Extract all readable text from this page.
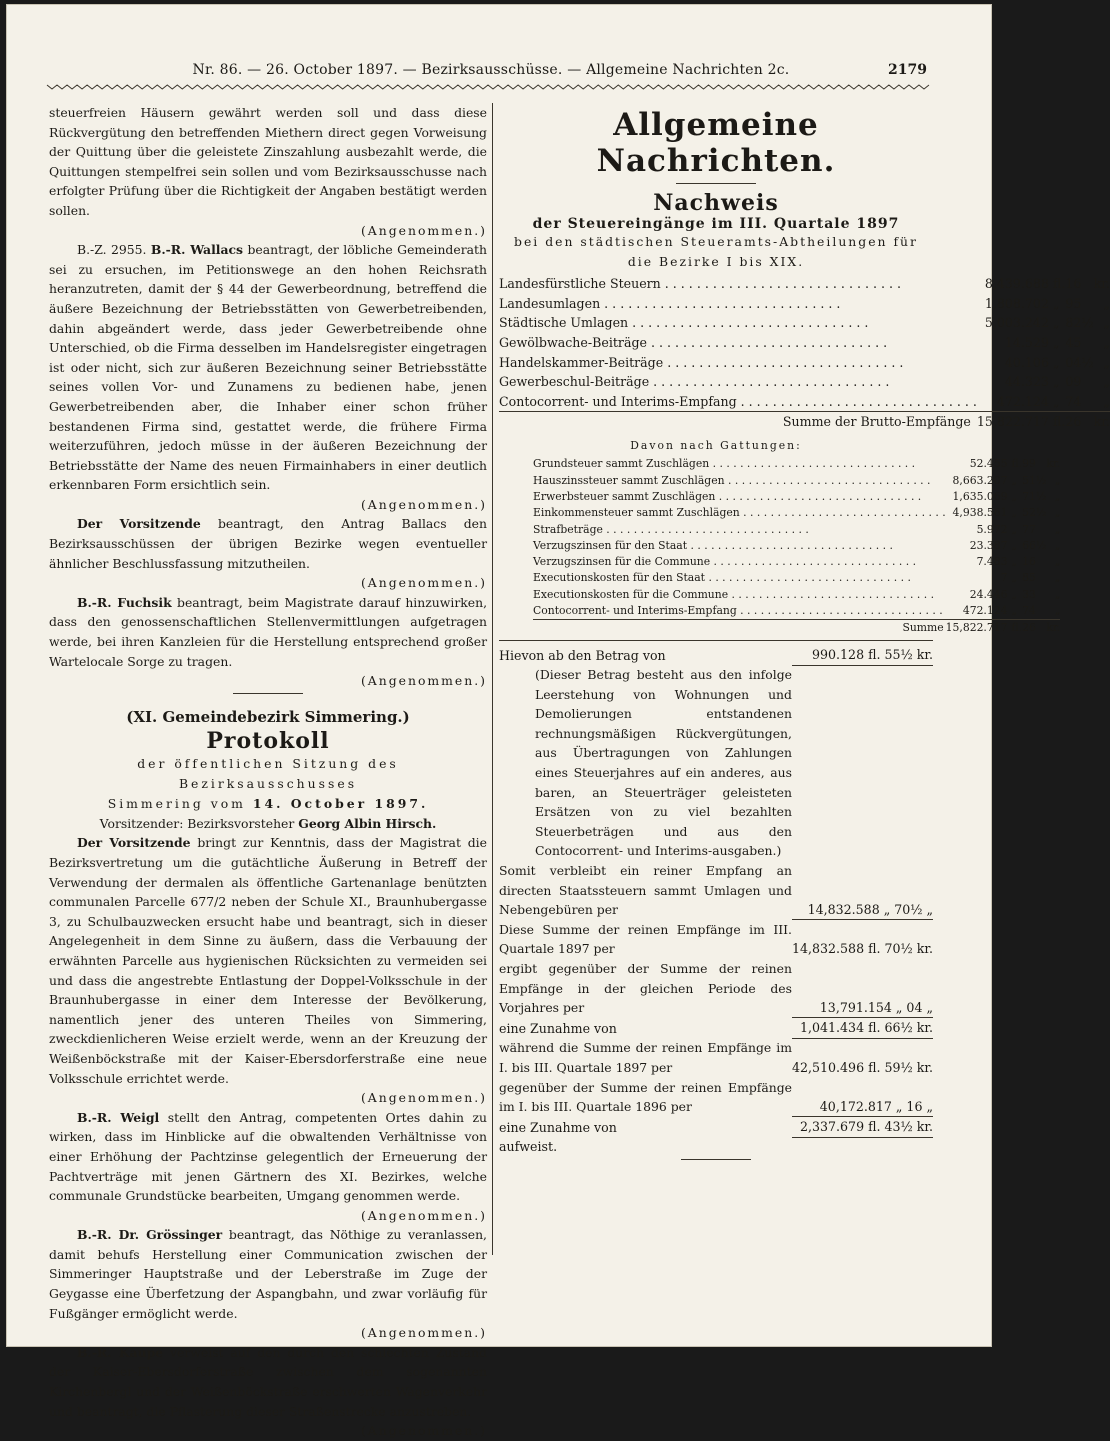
Nr. 86. — 26. October 1897. — Bezirksausschüsse. — Allgemeine Nachrichten 2c.	2179

steuerfreien Häusern gewährt werden soll und dass diese Rückvergütung den betreffenden Miethern direct gegen Vorweisung der Quittung über die geleistete Zinszahlung ausbezahlt werde, die Quittungen stempelfrei sein sollen und vom Bezirksausschusse nach erfolgter Prüfung über die Richtigkeit der Angaben bestätigt werden sollen.

(Angenommen.)

B.-Z. 2955. B.-R. Wallacs beantragt, der löbliche Gemeinderath sei zu ersuchen, im Petitionswege an den hohen Reichsrath heranzutreten, damit der § 44 der Gewerbeordnung, betreffend die äußere Bezeichnung der Betriebsstätten von Gewerbetreibenden, dahin abgeändert werde, dass jeder Gewerbetreibende ohne Unterschied, ob die Firma desselben im Handelsregister eingetragen ist oder nicht, sich zur äußeren Bezeichnung seiner Betriebsstätte seines vollen Vor- und Zunamens zu bedienen habe, jenen Gewerbetreibenden aber, die Inhaber einer schon früher bestandenen Firma sind, gestattet werde, die frühere Firma weiterzuführen, jedoch müsse in der äußeren Bezeichnung der Betriebsstätte der Name des neuen Firmainhabers in einer deutlich erkennbaren Form ersichtlich sein.

(Angenommen.)

Der Vorsitzende beantragt, den Antrag Ballacs den Bezirksausschüssen der übrigen Bezirke wegen eventueller ähnlicher Beschlussfassung mitzutheilen.

(Angenommen.)

B.-R. Fuchsik beantragt, beim Magistrate darauf hinzuwirken, dass den genossenschaftlichen Stellenvermittlungen aufgetragen werde, bei ihren Kanzleien für die Herstellung entsprechend großer Wartelocale Sorge zu tragen.

(Angenommen.)
(XI. Gemeindebezirk Simmering.)
Protokoll
der öffentlichen Sitzung des Bezirksausschusses
Simmering vom 14. October 1897.
Vorsitzender: Bezirksvorsteher Georg Albin Hirsch.

Der Vorsitzende bringt zur Kenntnis, dass der Magistrat die Bezirksvertretung um die gutächtliche Äußerung in Betreff der Verwendung der dermalen als öffentliche Gartenanlage benützten communalen Parcelle 677/2 neben der Schule XI., Braunhubergasse 3, zu Schulbauzwecken ersucht habe und beantragt, sich in dieser Angelegenheit in dem Sinne zu äußern, dass die Verbauung der erwähnten Parcelle aus hygienischen Rücksichten zu vermeiden sei und dass die angestrebte Entlastung der Doppel-Volksschule in der Braunhubergasse in einer dem Interesse der Bevölkerung, namentlich jener des unteren Theiles von Simmering, zweckdienlicheren Weise erzielt werde, wenn an der Kreuzung der Weißenböckstraße mit der Kaiser-Ebersdorferstraße eine neue Volksschule errichtet werde.

(Angenommen.)

B.-R. Weigl stellt den Antrag, competenten Ortes dahin zu wirken, dass im Hinblicke auf die obwaltenden Verhältnisse von einer Erhöhung der Pachtzinse gelegentlich der Erneuerung der Pachtverträge mit jenen Gärtnern des XI. Bezirkes, welche communale Grundstücke bearbeiten, Umgang genommen werde.

(Angenommen.)

B.-R. Dr. Grössinger beantragt, das Nöthige zu veranlassen, damit behufs Herstellung einer Communication zwischen der Simmeringer Hauptstraße und der Leberstraße im Zuge der Geygasse eine Überfetzung der Aspangbahn, und zwar vorläufig für Fußgänger ermöglicht werde.

(Angenommen.)

B.-R. Kaupe verweist auf den durch den schlechten Zustand der Kaiser-Ebersdorferstraße zwischen dem sogenannten Kirchenbergl und der Weißenböckstraße erschwerten Wagenverkehr und beantragt, die Pflasterung dieser Straßenstrecke anzustreben.

(Angenommen.)
Allgemeine Nachrichten.
Nachweis
der Steuereingänge im III. Quartale 1897
bei den städtischen Steueramts-Abtheilungen für die Bezirke I bis XIX.
Landesfürstliche Steuern . . . . . . . . . . . . . . . . . . . . . . . . . . . . . .	8,439.688	fl.	16	kr.
Landesumlagen . . . . . . . . . . . . . . . . . . . . . . . . . . . . . .	1,808.702	„	95	„
Städtische Umlagen . . . . . . . . . . . . . . . . . . . . . . . . . . . . . .	5,003.242	„	82½	„
Gewölbwache-Beiträge . . . . . . . . . . . . . . . . . . . . . . . . . . . . . .	14.529	„	45	„
Handelskammer-Beiträge . . . . . . . . . . . . . . . . . . . . . . . . . . . . . .	40.106	„	04½	„
Gewerbeschul-Beiträge . . . . . . . . . . . . . . . . . . . . . . . . . . . . . .	44.323	„	09	„
Contocorrent- und Interims-Empfang . . . . . . . . . . . . . . . . . . . . . . . . . . . . . .	472.124	„	74	„
Summe der Brutto-Empfänge	15,822.717	fl.	26	kr.
Davon nach Gattungen:
Grundsteuer sammt Zuschlägen . . . . . . . . . . . . . . . . . . . . . . . . . . . . . .	52.455	fl.	99	kr.
Hauszinssteuer sammt Zuschlägen . . . . . . . . . . . . . . . . . . . . . . . . . . . . . .	8,663.207	„	51½	„
Erwerbsteuer sammt Zuschlägen . . . . . . . . . . . . . . . . . . . . . . . . . . . . . .	1,635.069	„	71½	„
Einkommensteuer sammt Zuschlägen . . . . . . . . . . . . . . . . . . . . . . . . . . . . . .	4,938.561	„	52½	„
Strafbeträge . . . . . . . . . . . . . . . . . . . . . . . . . . . . . .	5.972	„	77	„
Verzugszinsen für den Staat . . . . . . . . . . . . . . . . . . . . . . . . . . . . . .	23.387	„	66½	„
Verzugszinsen für die Commune . . . . . . . . . . . . . . . . . . . . . . . . . . . . . .	7.483	„	16	„
Executionskosten für den Staat . . . . . . . . . . . . . . . . . . . . . . . . . . . . . .	7	„	85	„
Executionskosten für die Commune . . . . . . . . . . . . . . . . . . . . . . . . . . . . . .	24.446	„	33	„
Contocorrent- und Interims-Empfang . . . . . . . . . . . . . . . . . . . . . . . . . . . . . .	472.124	„	74	„
Summe	15,822.717	fl.	26	kr.
Hievon ab den Betrag von	990.128 fl. 55½ kr.
(Dieser Betrag besteht aus den infolge Leerstehung von Wohnungen und Demolierungen entstandenen rechnungsmäßigen Rückvergütungen, aus Übertragungen von Zahlungen eines Steuerjahres auf ein anderes, aus baren, an Steuerträger geleisteten Ersätzen von zu viel bezahlten Steuerbeträgen und aus den Contocorrent- und Interims-ausgaben.)	
Somit verbleibt ein reiner Empfang an directen Staatssteuern sammt Umlagen und Nebengebüren per	14,832.588 „ 70½ „
Diese Summe der reinen Empfänge im III. Quartale 1897 per	14,832.588 fl. 70½ kr.
ergibt gegenüber der Summe der reinen Empfänge in der gleichen Periode des Vorjahres per	13,791.154 „ 04 „
eine Zunahme von	1,041.434 fl. 66½ kr.
während die Summe der reinen Empfänge im I. bis III. Quartale 1897 per	42,510.496 fl. 59½ kr.
gegenüber der Summe der reinen Empfänge im I. bis III. Quartale 1896 per	40,172.817 „ 16 „
eine Zunahme von	2,337.679 fl. 43½ kr.
aufweist.	
